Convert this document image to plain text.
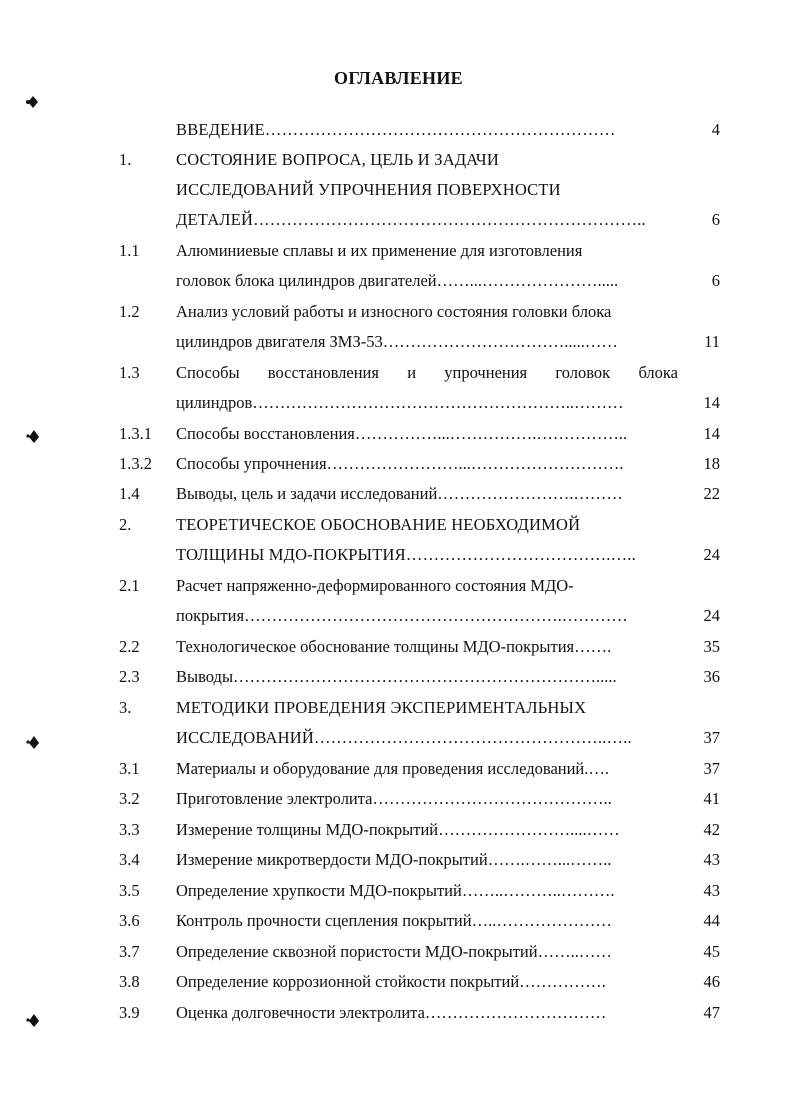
ОГЛАВЛЕНИЕ
ВВЕДЕНИЕ………………………………………………………	4
1.	СОСТОЯНИЕ ВОПРОСА, ЦЕЛЬ И ЗАДАЧИ
ИССЛЕДОВАНИЙ УПРОЧНЕНИЯ ПОВЕРХНОСТИ
ДЕТАЛЕЙ……………………………………………………………..	6
1.1 Алюминиевые сплавы и их применение для изготовления
головок блока цилиндров двигателей……...………………….....	6
1.2 Анализ условий работы и износного состояния головки блока
цилиндров двигателя ЗМЗ-53…………………………….....……	11
1.3 Способы восстановления и упрочнения головок блока
цилиндров…………………………………………………..………	14
1.3.1 Способы восстановления……………...…………….……………..	14
1.3.2 Способы упрочнения……………………...……………………….	18
1.4 Выводы, цель и задачи исследований…………………….………	22
2.	ТЕОРЕТИЧЕСКОЕ ОБОСНОВАНИЕ НЕОБХОДИМОЙ
ТОЛЩИНЫ МДО-ПОКРЫТИЯ……………………………….…..	24
2.1 Расчет напряженно-деформированного состояния МДО-
покрытия………………………………………………….…………	24
2.2 Технологическое обоснование толщины МДО-покрытия…….	35
2.3 Выводы………………………………………………………….....	36
3.	МЕТОДИКИ ПРОВЕДЕНИЯ ЭКСПЕРИМЕНТАЛЬНЫХ
ИССЛЕДОВАНИЙ……………………………………………..…..	37
3.1 Материалы и оборудование для проведения исследований.….	37
3.2 Приготовление электролита……………………………………..	41
3.3 Измерение толщины МДО-покрытий……………………....……	42
3.4 Измерение микротвердости МДО-покрытий…….……...……..	43
3.5 Определение хрупкости МДО-покрытий……..………..……….	43
3.6 Контроль прочности сцепления покрытий…..…………………	44
3.7 Определение сквозной пористости МДО-покрытий……..……	45
3.8 Определение коррозионной стойкости покрытий…………….	46
3.9 Оценка долговечности электролита……………………………	47
